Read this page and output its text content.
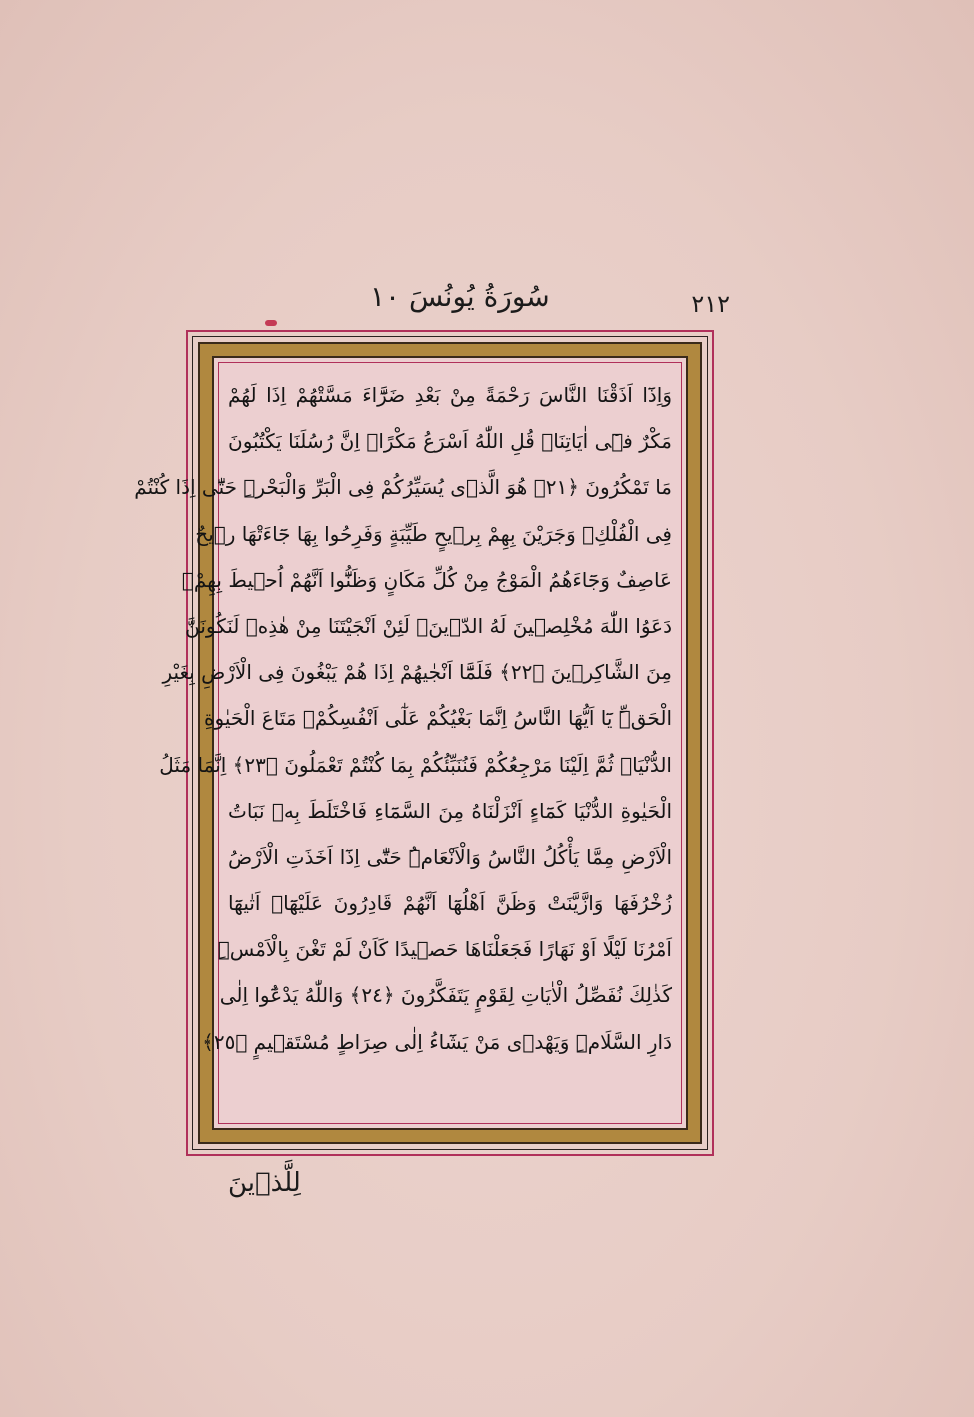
سُورَةُ يُونُسَ ١٠	٢١٢
وَاِذَٓا اَذَقْنَا النَّاسَ رَحْمَةً مِنْ بَعْدِ ضَرَّٓاءَ مَسَّتْهُمْ اِذَا لَهُمْ
مَكْرٌ ف۪ٓى اٰيَاتِنَاۜ قُلِ اللّٰهُ اَسْرَعُ مَكْرًاۜ اِنَّ رُسُلَنَا يَكْتُبُونَ
مَا تَمْكُرُونَ ﴿٢١﴾ هُوَ الَّذ۪ى يُسَيِّرُكُمْ فِى الْبَرِّ وَالْبَحْرِۜ حَتّٰٓى اِذَا كُنْتُمْ
فِى الْفُلْكِۚ وَجَرَيْنَ بِهِمْ بِر۪يحٍ طَيِّبَةٍ وَفَرِحُوا بِهَا جَٓاءَتْهَا ر۪يحٌ
عَاصِفٌ وَجَٓاءَهُمُ الْمَوْجُ مِنْ كُلِّ مَكَانٍ وَظَنُّٓوا اَنَّهُمْ اُح۪يطَ بِهِمْۙ
دَعَوُا اللّٰهَ مُخْلِص۪ينَ لَهُ الدّ۪ينَۚ لَئِنْ اَنْجَيْتَنَا مِنْ هٰذِه۪ لَنَكُونَنَّ
مِنَ الشَّاكِر۪ينَ ﴿٢٢﴾ فَلَمَّٓا اَنْجٰيهُمْ اِذَا هُمْ يَبْغُونَ فِى الْاَرْضِ بِغَيْرِ
الْحَقِّۜ يَٓا اَيُّهَا النَّاسُ اِنَّمَا بَغْيُكُمْ عَلٰٓى اَنْفُسِكُمْۙ مَتَاعَ الْحَيٰوةِ
الدُّنْيَاۘ ثُمَّ اِلَيْنَا مَرْجِعُكُمْ فَنُنَبِّئُكُمْ بِمَا كُنْتُمْ تَعْمَلُونَ ﴿٢٣﴾ اِنَّمَا مَثَلُ
الْحَيٰوةِ الدُّنْيَا كَمَٓاءٍ اَنْزَلْنَاهُ مِنَ السَّمَٓاءِ فَاخْتَلَطَ بِه۪ نَبَاتُ
الْاَرْضِ مِمَّا يَأْكُلُ النَّاسُ وَالْاَنْعَامُۜ حَتّٰٓى اِذَٓا اَخَذَتِ الْاَرْضُ
زُخْرُفَهَا وَازَّيَّنَتْ وَظَنَّ اَهْلُهَٓا اَنَّهُمْ قَادِرُونَ عَلَيْهَٓاۙ اَتٰيهَٓا
اَمْرُنَا لَيْلًا اَوْ نَهَارًا فَجَعَلْنَاهَا حَص۪يدًا كَاَنْ لَمْ تَغْنَ بِالْاَمْسِۜ
كَذٰلِكَ نُفَصِّلُ الْاٰيَاتِ لِقَوْمٍ يَتَفَكَّرُونَ ﴿٢٤﴾ وَاللّٰهُ يَدْعُٓوا اِلٰى
دَارِ السَّلَامِۜ وَيَهْد۪ى مَنْ يَشَٓاءُ اِلٰى صِرَاطٍ مُسْتَق۪يمٍ ﴿٢٥﴾
لِلَّذ۪ينَ
